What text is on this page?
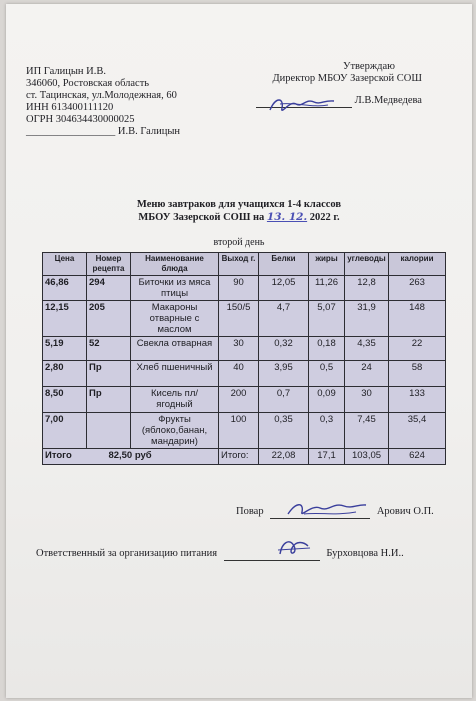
ИП Галицын И.В.
346060, Ростовская область
ст. Тацинская, ул.Молодежная, 60
ИНН 613400111120
ОГРН 304634430000025
_________________ И.В. Галицын
Утверждаю
Директор МБОУ Зазерской СОШ
Л.В.Медведева
Меню завтраков для учащихся 1-4 классов
МБОУ Зазерской СОШ на 13. 12. 2022 г.
второй день
Цена	Номер рецепта	Наименование блюда	Выход г.	Белки	жиры	углеводы	калории
46,86	294	Биточки из мяса птицы	90	12,05	11,26	12,8	263
12,15	205	Макароны отварные с маслом	150/5	4,7	5,07	31,9	148
5,19	52	Свекла отварная	30	0,32	0,18	4,35	22
2,80	Пр	Хлеб пшеничный	40	3,95	0,5	24	58
8,50	Пр	Кисель пл/ягодный	200	0,7	0,09	30	133
7,00		Фрукты (яблоко,банан, мандарин)	100	0,35	0,3	7,45	35,4
Итого 82,50 руб			Итого:	22,08	17,1	103,05	624
Повар	Арович О.П.
Ответственный за организацию питания	Бурховцова Н.И..
